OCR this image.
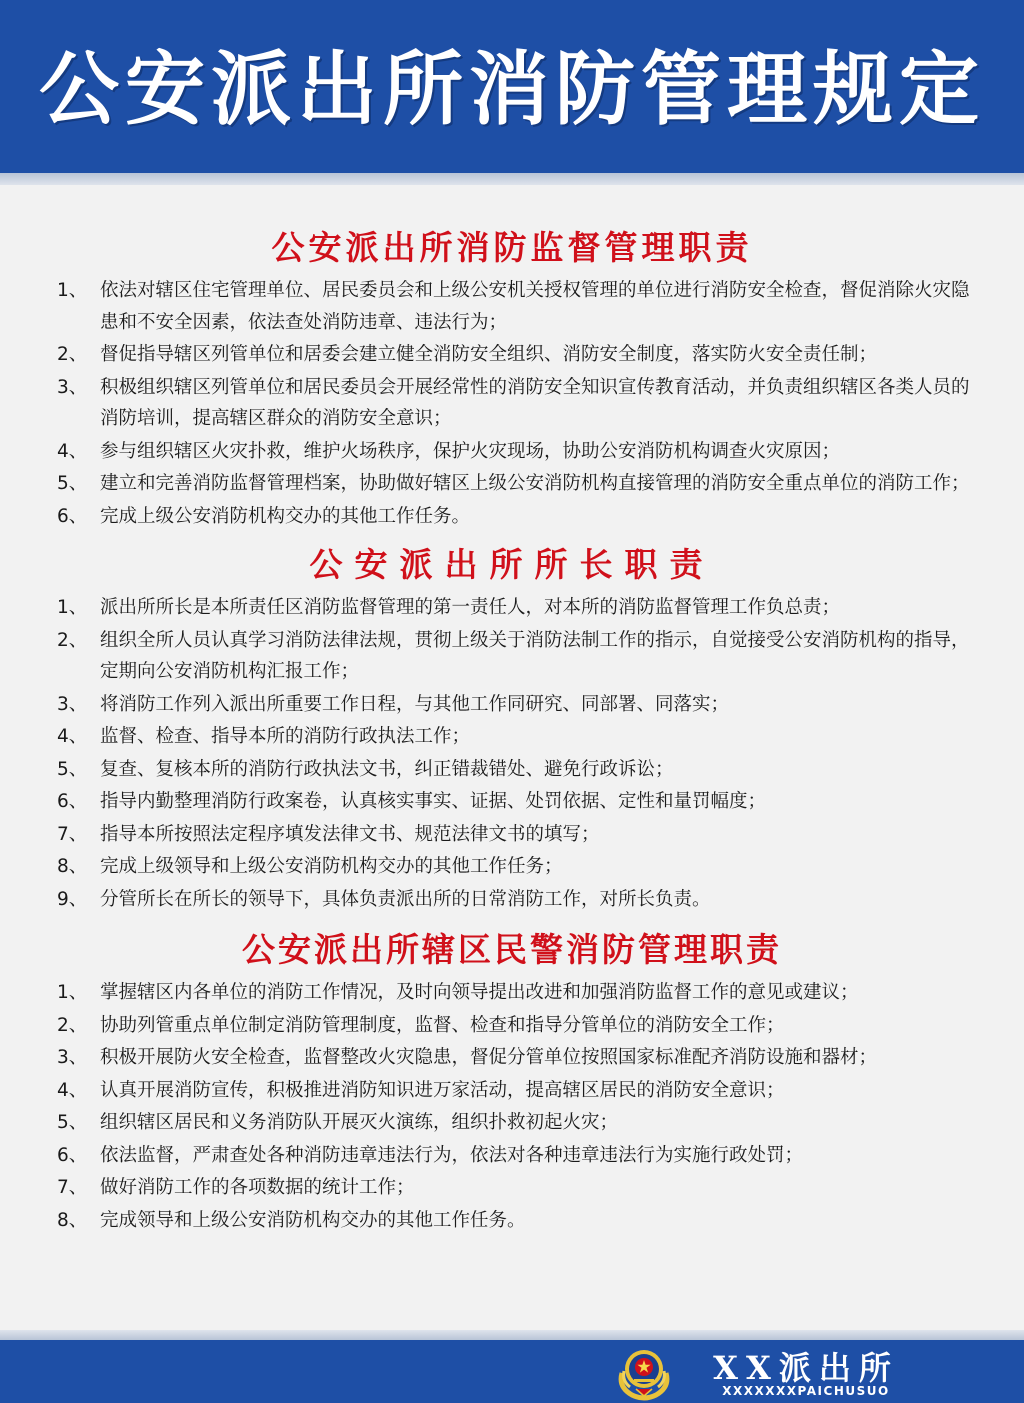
公安派出所消防管理规定
公安派出所消防监督管理职责
1、 依法对辖区住宅管理单位、居民委员会和上级公安机关授权管理的单位进行消防安全检查，督促消除火灾隐患和不安全因素，依法查处消防违章、违法行为；
2、 督促指导辖区列管单位和居委会建立健全消防安全组织、消防安全制度，落实防火安全责任制；
3、 积极组织辖区列管单位和居民委员会开展经常性的消防安全知识宣传教育活动，并负责组织辖区各类人员的消防培训，提高辖区群众的消防安全意识；
4、 参与组织辖区火灾扑救，维护火场秩序，保护火灾现场，协助公安消防机构调查火灾原因；
5、 建立和完善消防监督管理档案，协助做好辖区上级公安消防机构直接管理的消防安全重点单位的消防工作；
6、 完成上级公安消防机构交办的其他工作任务。
公安派出所所长职责
1、 派出所所长是本所责任区消防监督管理的第一责任人，对本所的消防监督管理工作负总责；
2、 组织全所人员认真学习消防法律法规，贯彻上级关于消防法制工作的指示，自觉接受公安消防机构的指导，定期向公安消防机构汇报工作；
3、 将消防工作列入派出所重要工作日程，与其他工作同研究、同部署、同落实；
4、 监督、检查、指导本所的消防行政执法工作；
5、 复查、复核本所的消防行政执法文书，纠正错裁错处、避免行政诉讼；
6、 指导内勤整理消防行政案卷，认真核实事实、证据、处罚依据、定性和量罚幅度；
7、 指导本所按照法定程序填发法律文书、规范法律文书的填写；
8、 完成上级领导和上级公安消防机构交办的其他工作任务；
9、 分管所长在所长的领导下，具体负责派出所的日常消防工作，对所长负责。
公安派出所辖区民警消防管理职责
1、 掌握辖区内各单位的消防工作情况，及时向领导提出改进和加强消防监督工作的意见或建议；
2、 协助列管重点单位制定消防管理制度，监督、检查和指导分管单位的消防安全工作；
3、 积极开展防火安全检查，监督整改火灾隐患，督促分管单位按照国家标准配齐消防设施和器材；
4、 认真开展消防宣传，积极推进消防知识进万家活动，提高辖区居民的消防安全意识；
5、 组织辖区居民和义务消防队开展灭火演练，组织扑救初起火灾；
6、 依法监督，严肃查处各种消防违章违法行为，依法对各种违章违法行为实施行政处罚；
7、 做好消防工作的各项数据的统计工作；
8、 完成领导和上级公安消防机构交办的其他工作任务。
XX派出所
XXXXXXXPAICHUSUO
